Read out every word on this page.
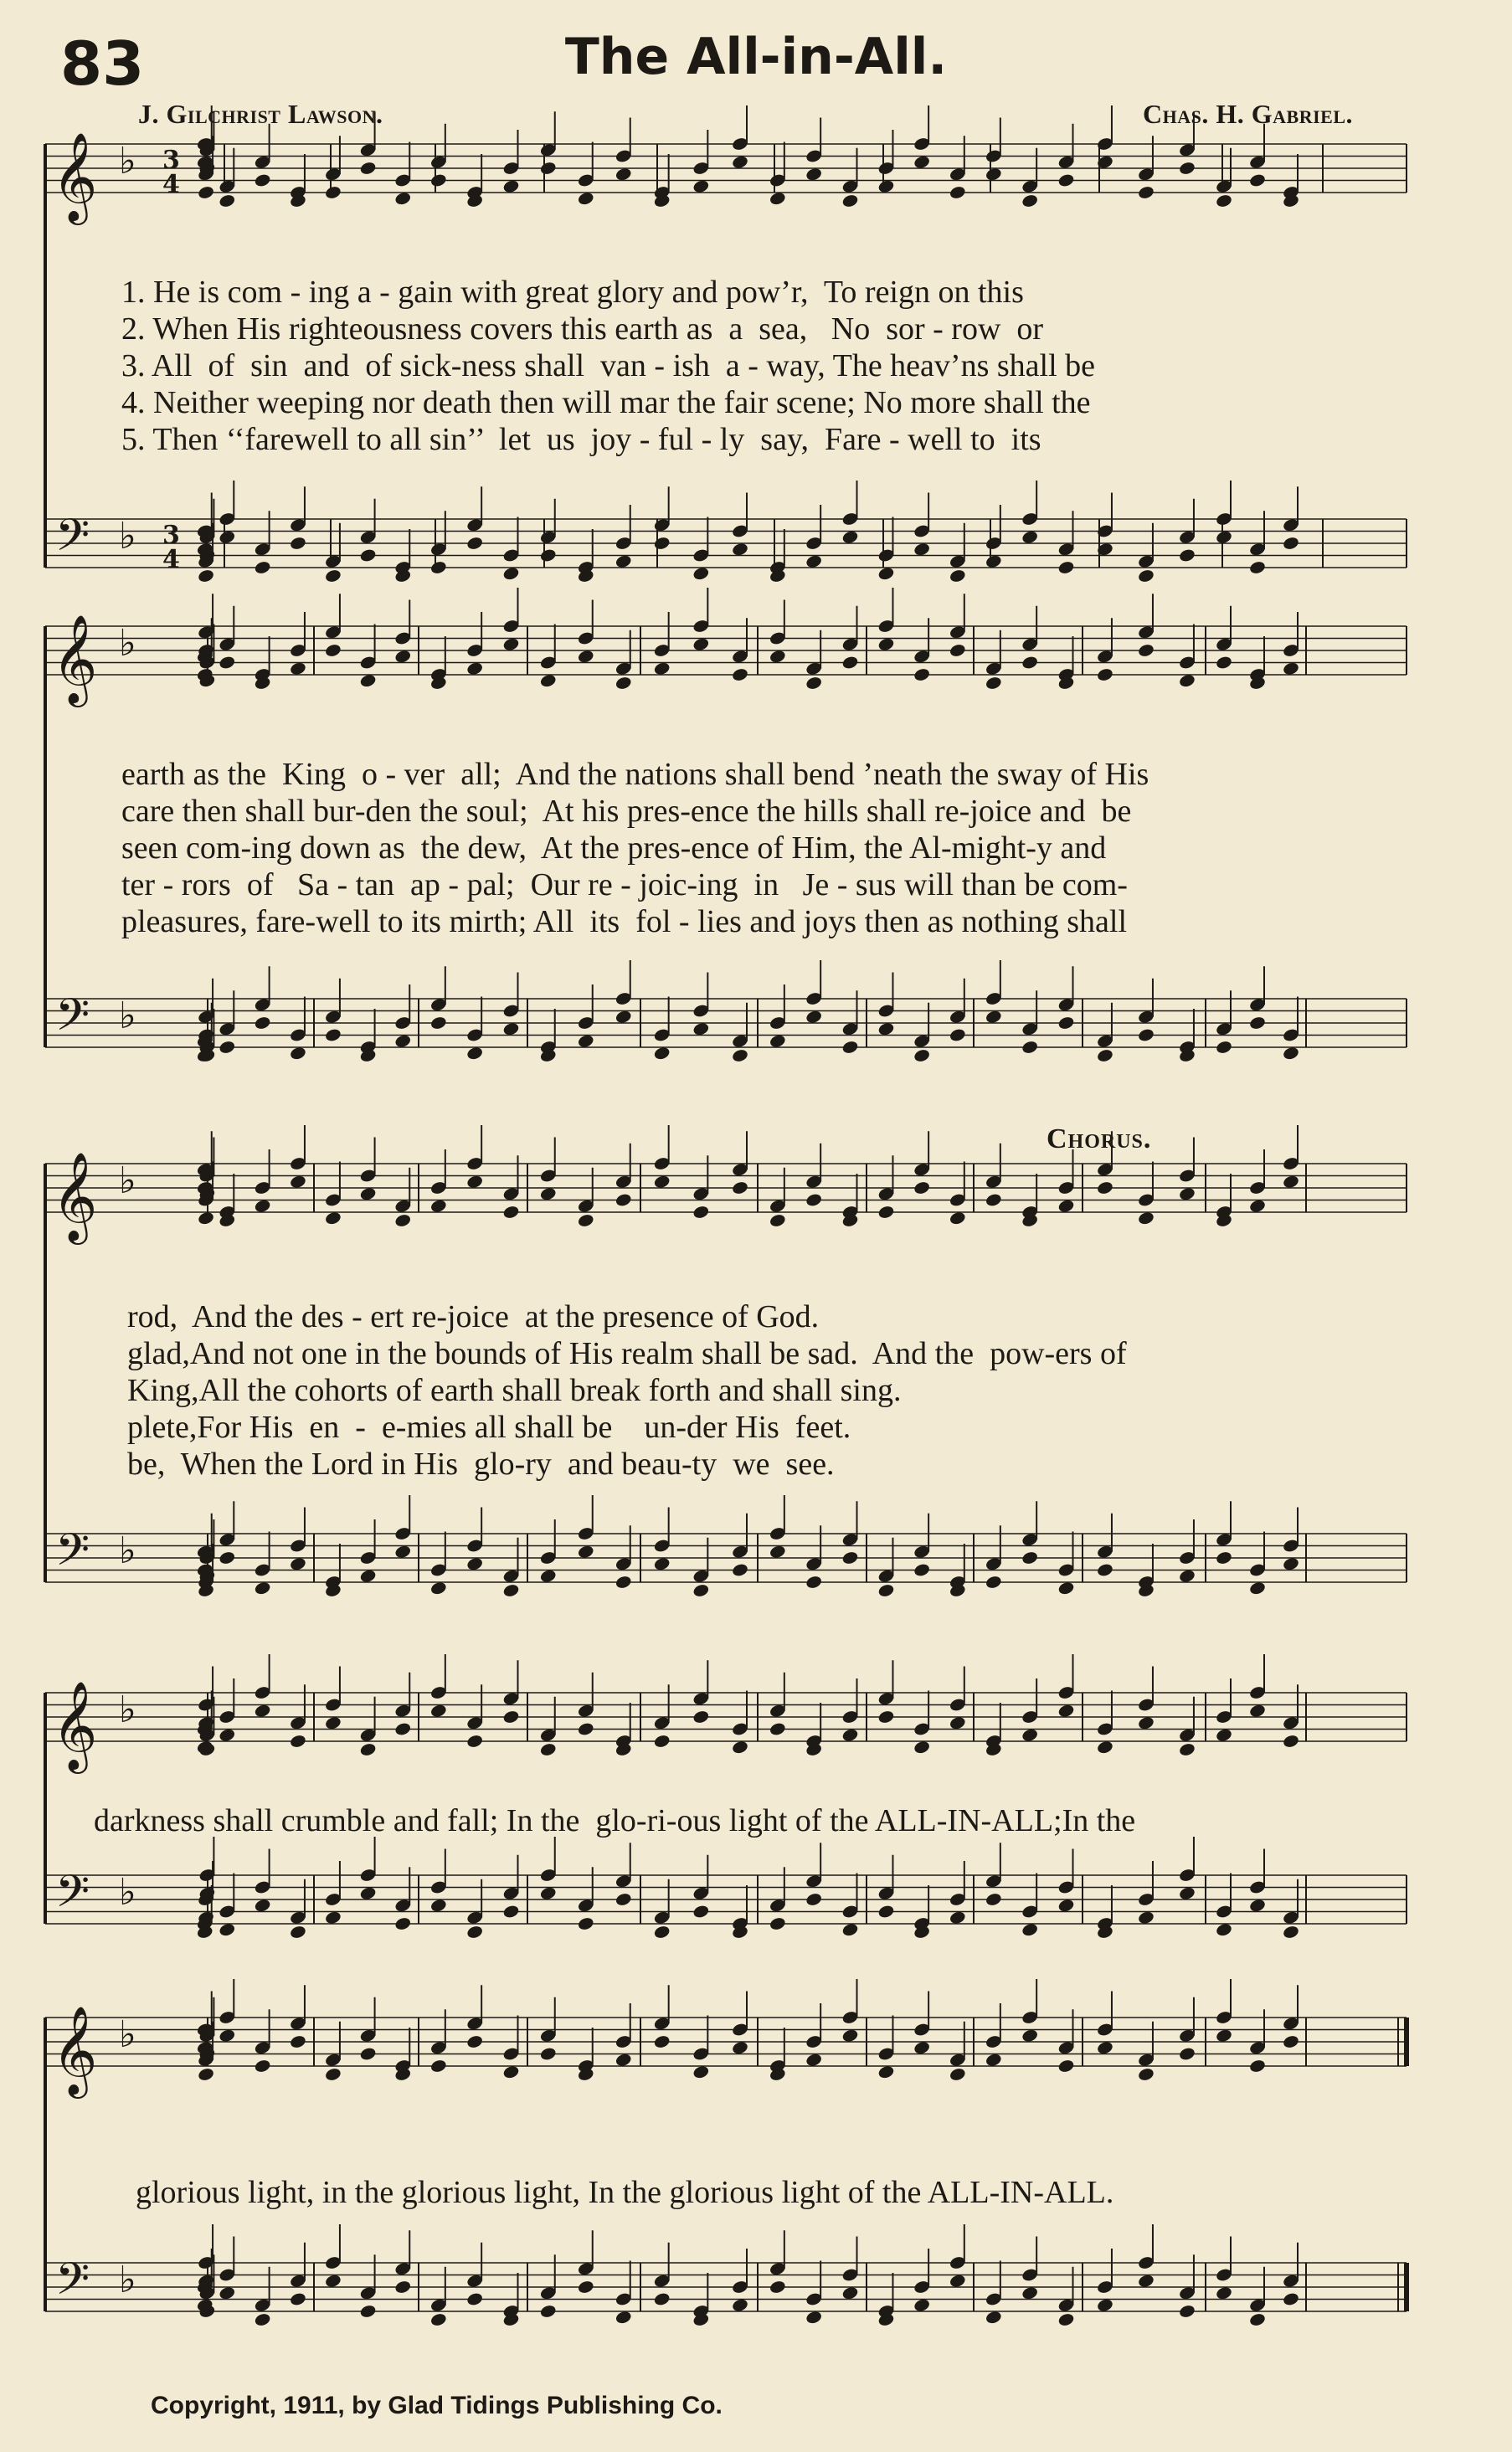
83	The All-in-All.
J. Gilchrist Lawson.	Chas. H. Gabriel.
𝄞 ♭ 3
4
𝄢 ♭ 3
4
𝄞 ♭
𝄢 ♭
𝄞 ♭
𝄢 ♭
𝄞 ♭
𝄢 ♭
𝄞 ♭
𝄢 ♭
1. He is com - ing a - gain with great glory and pow’r,  To reign on this
2. When His righteousness covers this earth as  a  sea,   No  sor - row  or
3. All  of  sin  and  of sick-ness shall  van - ish  a - way, The heav’ns shall be
4. Neither weeping nor death then will mar the fair scene; No more shall the
5. Then ‘‘farewell to all sin’’  let  us  joy - ful - ly  say,  Fare - well to  its
earth as the  King  o - ver  all;  And the nations shall bend ’neath the sway of His
care then shall bur-den the soul;  At his pres-ence the hills shall re-joice and  be
seen com-ing down as  the dew,  At the pres-ence of Him, the Al-might-y and
ter - rors  of   Sa - tan  ap - pal;  Our re - joic-ing  in   Je - sus will than be com-
pleasures, fare-well to its mirth; All  its  fol - lies and joys then as nothing shall
Chorus.
rod,  And the des - ert re-joice  at the presence of God.
glad,And not one in the bounds of His realm shall be sad.  And the  pow-ers of
King,All the cohorts of earth shall break forth and shall sing.
plete,For His  en  -  e-mies all shall be    un-der His  feet.
be,  When the Lord in His  glo-ry  and beau-ty  we  see.
darkness shall crumble and fall; In the  glo-ri-ous light of the ALL-IN-ALL;In the
glorious light, in the glorious light, In the glorious light of the ALL-IN-ALL.
Copyright, 1911, by Glad Tidings Publishing Co.
